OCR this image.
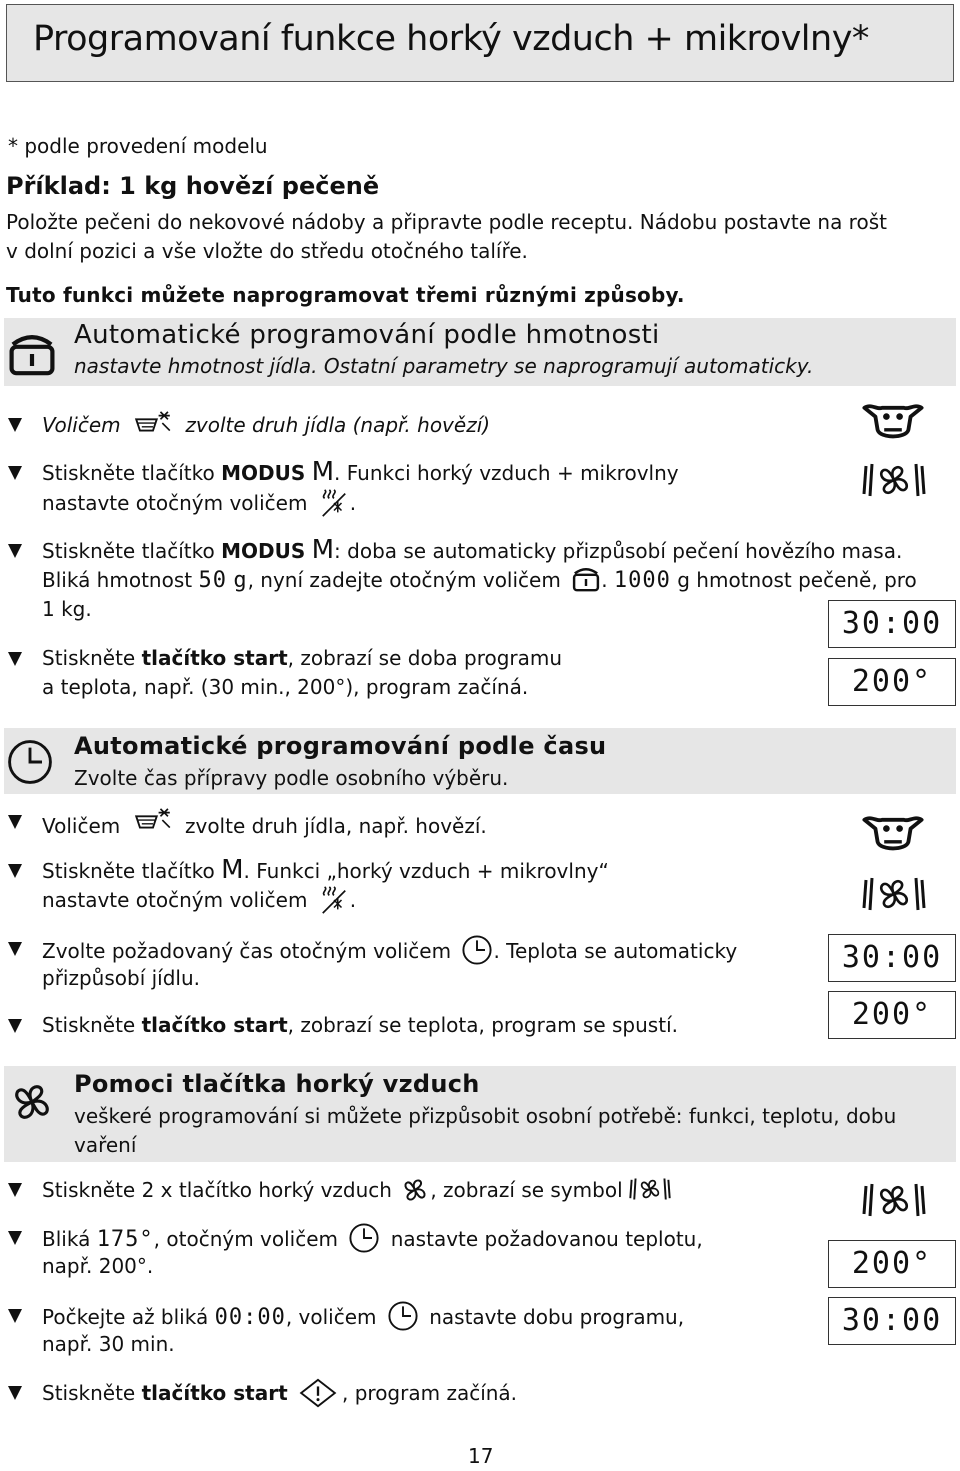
Programovaní funkce horký vzduch + mikrovlny*
* podle provedení modelu
Příklad: 1 kg hovězí pečeně
Položte pečeni do nekovové nádoby a připravte podle receptu. Nádobu postavte na rošt
v dolní pozici a vše vložte do středu otočného talíře.
Tuto funkci můžete naprogramovat třemi různými způsoby.
Automatické programování podle hmotnosti
nastavte hmotnost jídla. Ostatní parametry se naprogramují automaticky.
Voličem	zvolte druh jídla (např. hovězí)
Stiskněte tlačítko MODUS M. Funkci horký vzduch + mikrovlny
nastavte otočným voličem .
Stiskněte tlačítko MODUS M: doba se automaticky přizpůsobí pečení hovězího masa.
Bliká hmotnost 50 g, nyní zadejte otočným voličem . 1000 g hmotnost pečeně, pro
1 kg.	30:00
Stiskněte tlačítko start, zobrazí se doba programu
a teplota, např. (30 min., 200°), program začíná.	200°
Automatické programování podle času
Zvolte čas přípravy podle osobního výběru.
Voličem	zvolte druh jídla, např. hovězí.
Stiskněte tlačítko M. Funkci „horký vzduch + mikrovlny“
nastavte otočným voličem .
Zvolte požadovaný čas otočným voličem . Teplota se automaticky
přizpůsobí jídlu.
30:00
Stiskněte tlačítko start, zobrazí se teplota, program se spustí.	200°
Pomoci tlačítka horký vzduch
veškeré programování si můžete přizpůsobit osobní potřebě: funkci, teplotu, dobu
vaření
Stiskněte 2 x tlačítko horký vzduch , zobrazí se symbol
Bliká 175°, otočným voličem	nastavte požadovanou teplotu,
např. 200°.	200°
Počkejte až bliká 00:00, voličem	nastavte dobu programu,
např. 30 min.
30:00
Stiskněte tlačítko start	, program začíná.
17
